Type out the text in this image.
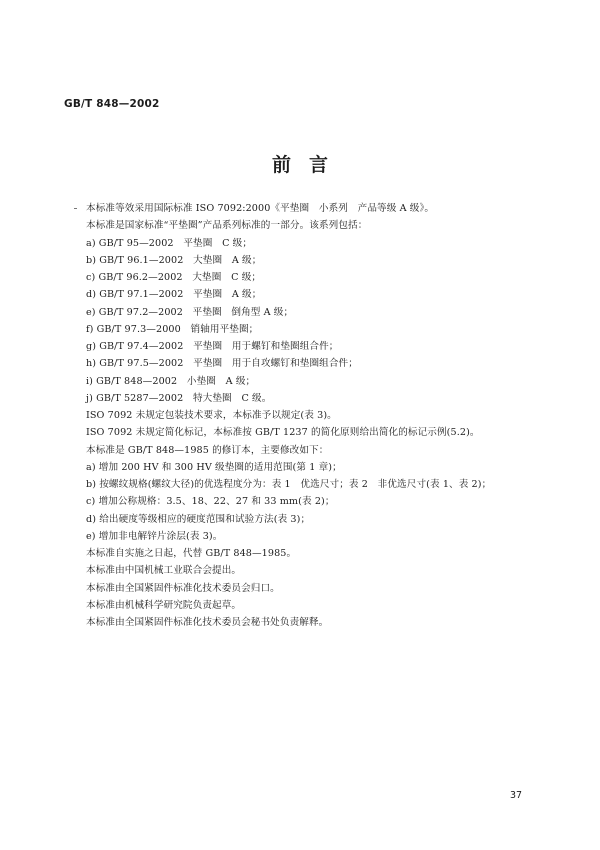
GB/T 848—2002
前言
本标准等效采用国际标准 ISO 7092:2000《平垫圈　小系列　产品等级 A 级》。
本标准是国家标准“平垫圈”产品系列标准的一部分。该系列包括：
a) GB/T 95—2002　平垫圈　C 级；
b) GB/T 96.1—2002　大垫圈　A 级；
c) GB/T 96.2—2002　大垫圈　C 级；
d) GB/T 97.1—2002　平垫圈　A 级；
e) GB/T 97.2—2002　平垫圈　倒角型 A 级；
f) GB/T 97.3—2000　销轴用平垫圈；
g) GB/T 97.4—2002　平垫圈　用于螺钉和垫圈组合件；
h) GB/T 97.5—2002　平垫圈　用于自攻螺钉和垫圈组合件；
i) GB/T 848—2002　小垫圈　A 级；
j) GB/T 5287—2002　特大垫圈　C 级。
ISO 7092 未规定包装技术要求，本标准予以规定(表 3)。
ISO 7092 未规定简化标记，本标准按 GB/T 1237 的简化原则给出简化的标记示例(5.2)。
本标准是 GB/T 848—1985 的修订本，主要修改如下：
a) 增加 200 HV 和 300 HV 级垫圈的适用范围(第 1 章)；
b) 按螺纹规格(螺纹大径)的优选程度分为：表 1　优选尺寸；表 2　非优选尺寸(表 1、表 2)；
c) 增加公称规格：3.5、18、22、27 和 33 mm(表 2)；
d) 给出硬度等级相应的硬度范围和试验方法(表 3)；
e) 增加非电解锌片涂层(表 3)。
本标准自实施之日起，代替 GB/T 848—1985。
本标准由中国机械工业联合会提出。
本标准由全国紧固件标准化技术委员会归口。
本标准由机械科学研究院负责起草。
本标准由全国紧固件标准化技术委员会秘书处负责解释。
37
